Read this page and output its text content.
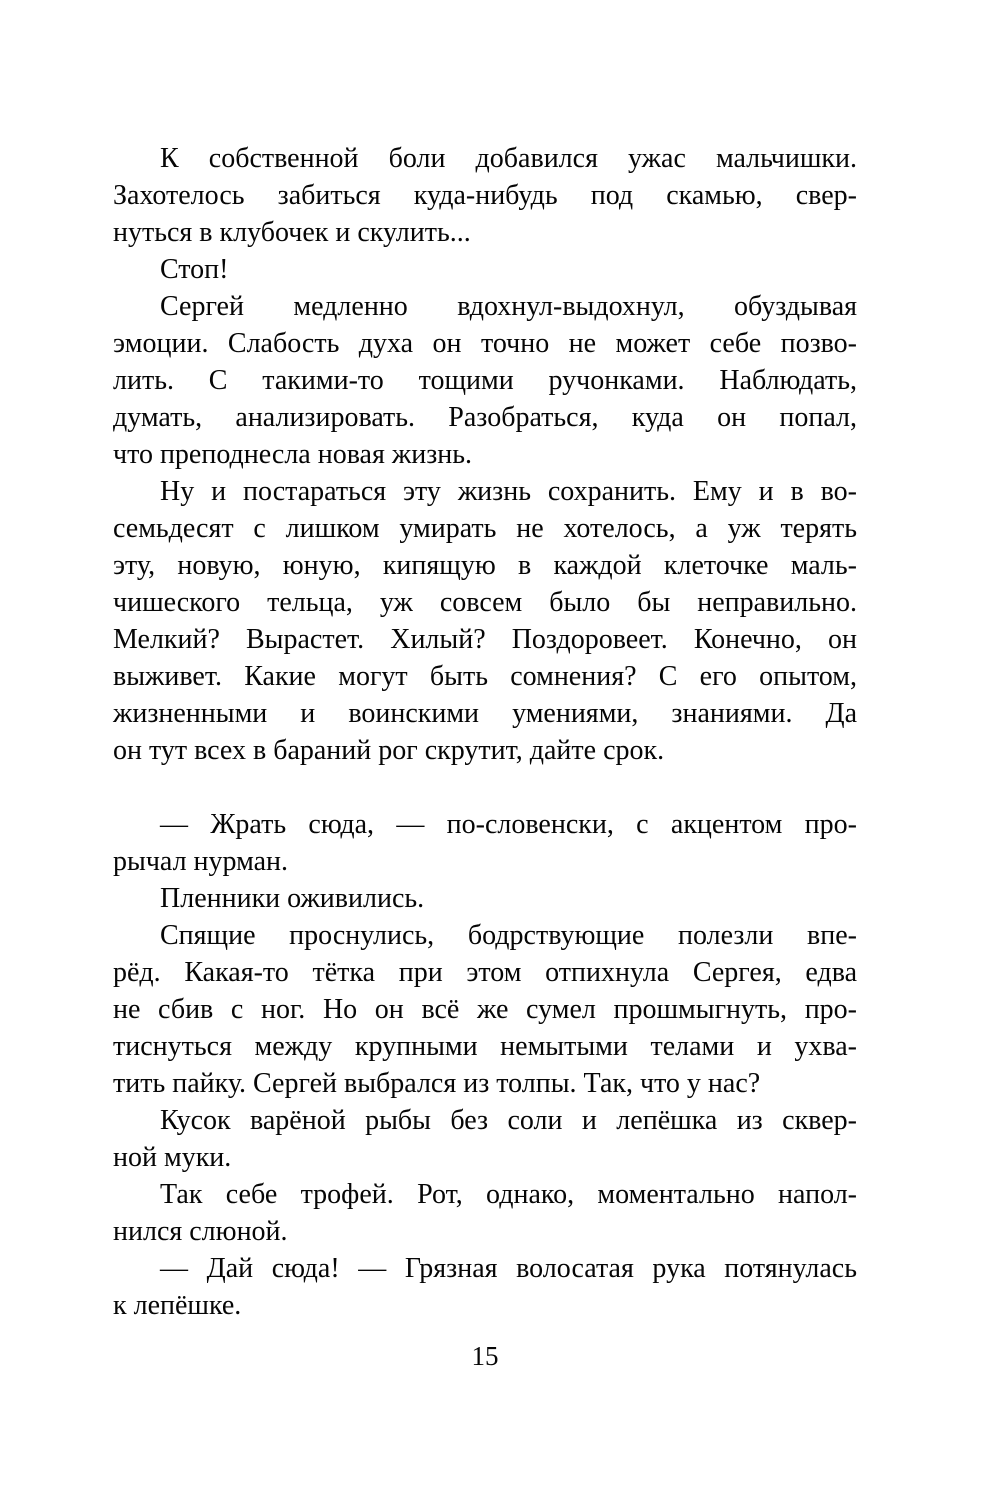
К собственной боли добавился ужас мальчишки.
Захотелось забиться куда-нибудь под скамью, свер-
нуться в клубочек и скулить...
Стоп!
Сергей медленно вдохнул-выдохнул, обуздывая
эмоции. Слабость духа он точно не может себе позво-
лить. С такими-то тощими ручонками. Наблюдать,
думать, анализировать. Разобраться, куда он попал,
что преподнесла новая жизнь.
Ну и постараться эту жизнь сохранить. Ему и в во-
семьдесят с лишком умирать не хотелось, а уж терять
эту, новую, юную, кипящую в каждой клеточке маль-
чишеского тельца, уж совсем было бы неправильно.
Мелкий? Вырастет. Хилый? Поздоровеет. Конечно, он
выживет. Какие могут быть сомнения? С его опытом,
жизненными и воинскими умениями, знаниями. Да
он тут всех в бараний рог скрутит, дайте срок.
— Жрать сюда, — по-словенски, с акцентом про-
рычал нурман.
Пленники оживились.
Спящие проснулись, бодрствующие полезли впе-
рёд. Какая-то тётка при этом отпихнула Сергея, едва
не сбив с ног. Но он всё же сумел прошмыгнуть, про-
тиснуться между крупными немытыми телами и ухва-
тить пайку. Сергей выбрался из толпы. Так, что у нас?
Кусок варёной рыбы без соли и лепёшка из сквер-
ной муки.
Так себе трофей. Рот, однако, моментально напол-
нился слюной.
— Дай сюда! — Грязная волосатая рука потянулась
к лепёшке.
15
